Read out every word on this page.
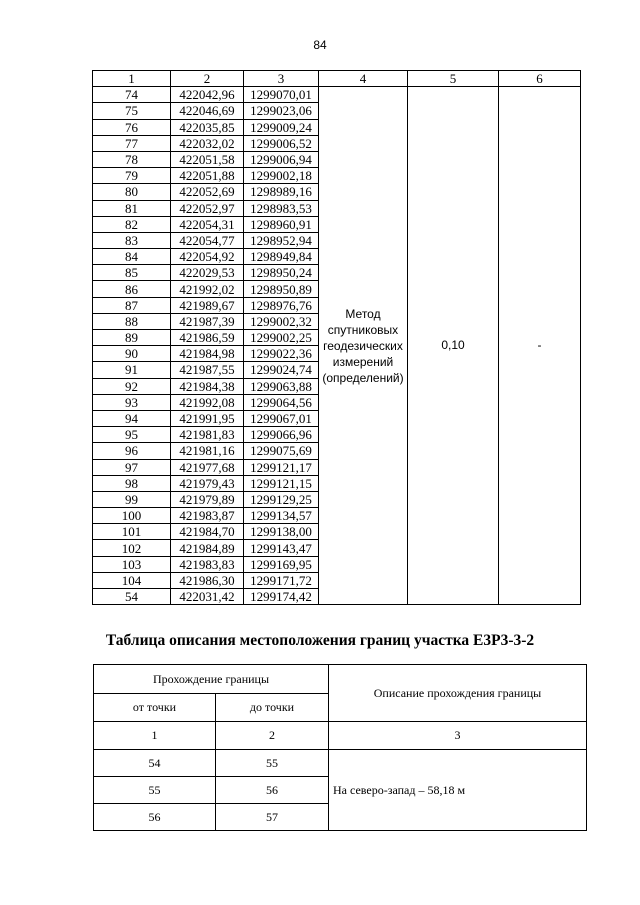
84
1	2	3	4	5	6
74	422042,96	1299070,01	Метод
спутниковых
геодезических
измерений
(определений)	0,10	-
75	422046,69	1299023,06			
76	422035,85	1299009,24			
77	422032,02	1299006,52			
78	422051,58	1299006,94			
79	422051,88	1299002,18			
80	422052,69	1298989,16			
81	422052,97	1298983,53			
82	422054,31	1298960,91			
83	422054,77	1298952,94			
84	422054,92	1298949,84			
85	422029,53	1298950,24			
86	421992,02	1298950,89			
87	421989,67	1298976,76			
88	421987,39	1299002,32			
89	421986,59	1299002,25			
90	421984,98	1299022,36			
91	421987,55	1299024,74			
92	421984,38	1299063,88			
93	421992,08	1299064,56			
94	421991,95	1299067,01			
95	421981,83	1299066,96			
96	421981,16	1299075,69			
97	421977,68	1299121,17			
98	421979,43	1299121,15			
99	421979,89	1299129,25			
100	421983,87	1299134,57			
101	421984,70	1299138,00			
102	421984,89	1299143,47			
103	421983,83	1299169,95			
104	421986,30	1299171,72			
54	422031,42	1299174,42			
Таблица описания местоположения границ участка Е3Р3-3-2
Прохождение границы		Описание прохождения границы
от точки	до точки	
1	2	3
54	55	На северо-запад – 58,18 м
55	56	
56	57	
